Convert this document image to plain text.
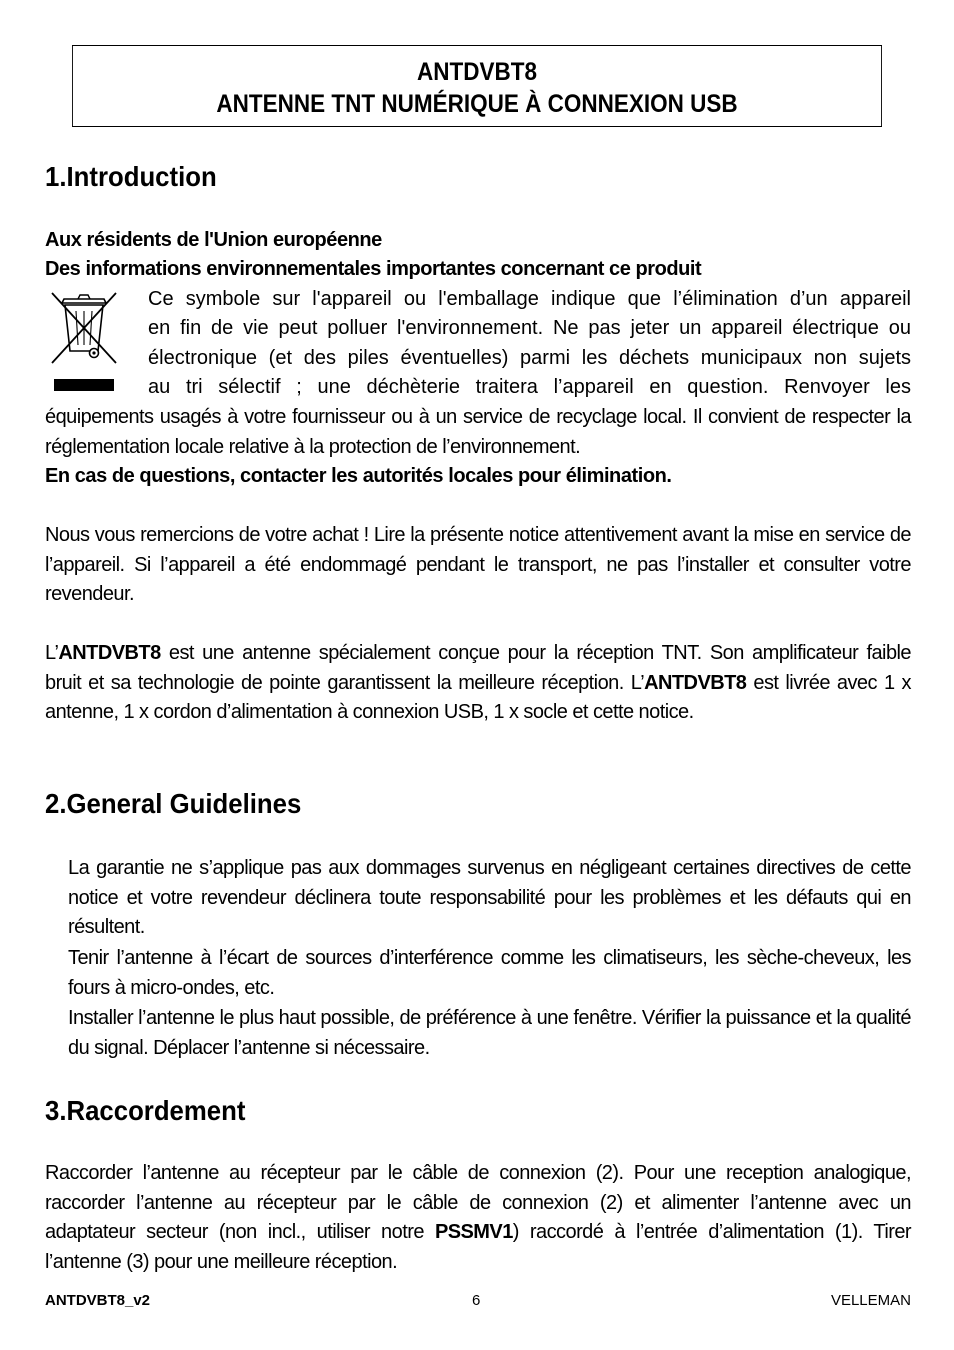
ANTDVBT8
ANTENNE TNT NUMÉRIQUE À CONNEXION USB
1.Introduction
Aux résidents de l'Union européenne
Des informations environnementales importantes concernant ce produit
Ce symbole sur l'appareil ou l'emballage indique que l’élimination d’un appareil
en fin de vie peut polluer l'environnement. Ne pas jeter un appareil électrique ou
électronique (et des piles éventuelles) parmi les déchets municipaux non sujets
au tri sélectif ; une déchèterie traitera l’appareil en question. Renvoyer les
équipements usagés à votre fournisseur ou à un service de recyclage local. Il convient de respecter la réglementation locale relative à la protection de l’environnement.
En cas de questions, contacter les autorités locales pour élimination.
Nous vous remercions de votre achat ! Lire la présente notice attentivement avant la mise en service de l’appareil. Si l’appareil a été endommagé pendant le transport, ne pas l’installer et consulter votre revendeur.
L’ANTDVBT8 est une antenne spécialement conçue pour la réception TNT. Son amplificateur faible bruit et sa technologie de pointe garantissent la meilleure réception. L’ANTDVBT8 est livrée avec 1 x antenne, 1 x cordon d’alimentation à connexion USB, 1 x socle et cette notice.
2.General Guidelines
La garantie ne s’applique pas aux dommages survenus en négligeant certaines directives de cette notice et votre revendeur déclinera toute responsabilité pour les problèmes et les défauts qui en résultent.
Tenir l’antenne à l’écart de sources d’interférence comme les climatiseurs, les sèche-cheveux, les fours à micro-ondes, etc.
Installer l’antenne le plus haut possible, de préférence à une fenêtre. Vérifier la puissance et la qualité du signal. Déplacer l’antenne si nécessaire.
3.Raccordement
Raccorder l’antenne au récepteur par le câble de connexion (2). Pour une reception analogique, raccorder l’antenne au récepteur par le câble de connexion (2) et alimenter l’antenne avec un adaptateur secteur (non incl., utiliser notre PSSMV1) raccordé à l’entrée d’alimentation (1). Tirer l’antenne (3) pour une meilleure réception.
ANTDVBT8_v2	6	VELLEMAN
